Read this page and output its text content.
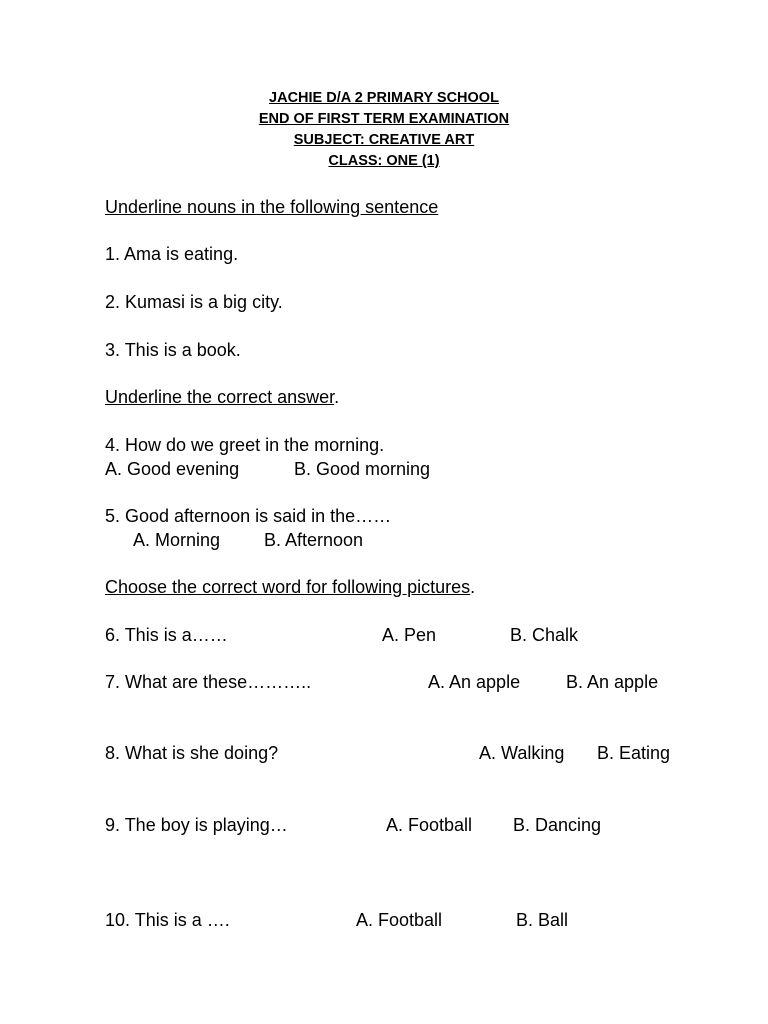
JACHIE D/A 2 PRIMARY SCHOOL
END OF FIRST TERM EXAMINATION
SUBJECT: CREATIVE ART
CLASS: ONE (1)
Underline nouns in the following sentence
1. Ama is eating.
2. Kumasi is a big city.
3. This is a book.
Underline the correct answer.
4. How do we greet in the morning.
A. Good evening	B. Good morning
5. Good afternoon is said in the……
A. Morning B. Afternoon
Choose the correct word for following pictures.
6. This is a……	A. Pen	B. Chalk
7. What are these………..	A. An apple	B. An apple
8. What is she doing?	A. Walking B. Eating
9. The boy is playing…	A. Football B. Dancing
10. This is a ….	A. Football	B. Ball
